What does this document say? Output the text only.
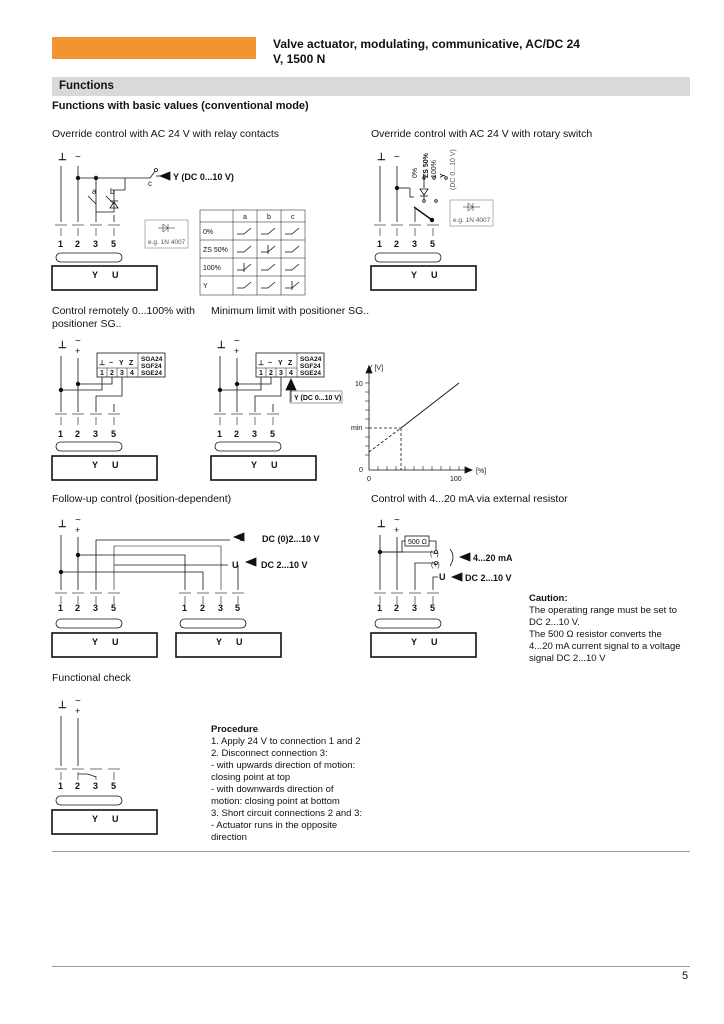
Valve actuator, modulating, communicative, AC/DC 24
V, 1500 N
Functions
Functions with basic values (conventional mode)
Override control with AC 24 V with relay contacts	Override control with AC 24 V with rotary switch
Control remotely 0...100% with
positioner SG..
Minimum limit with positioner SG..
Follow-up control (position-dependent)	Control with 4...20 mA via external resistor
Functional check
⊥ ~
a b
c
Y (DC 0...10 V)
1 2 3 5
Y U
e.g. 1N 4007
a	b	c
0%
ZS 50%
100%
Y
⊥ ~
0% ZS 50% 100% Y (DC 0...10 V)
1 2 3 5
Y U
e.g. 1N 4007
⊥ ~
+
⊥ ~ Y Z
1 2 3 4
SGA24
SGF24
SGE24
1 2 3 5
Y U
⊥ ~
+
⊥ ~ Y Z
1 2 3 4
SGA24
SGF24
SGE24
Y (DC 0...10 V)
1 2 3 5
Y U
Y [V]
[%]
10
min
0
0	100
⊥ ~
+
Y DC (0)2...10 V
U	DC 2...10 V
1 2 3 5
Y U
1 2 3 5
Y U
⊥ ~
+
500 Ω
(−)
(+)
4...20 mA
U DC 2...10 V
1 2 3 5
Y U
⊥ ~
+
1 2 3 5
Y U
Caution:
The operating range must be set to
DC 2...10 V.
The 500 Ω resistor converts the
4...20 mA current signal to a voltage
signal DC 2...10 V
Procedure
1. Apply 24 V to connection 1 and 2
2. Disconnect connection 3:
- with upwards direction of motion:
closing point at top
- with downwards direction of
motion: closing point at bottom
3. Short circuit connections 2 and 3:
- Actuator runs in the opposite
direction
5
